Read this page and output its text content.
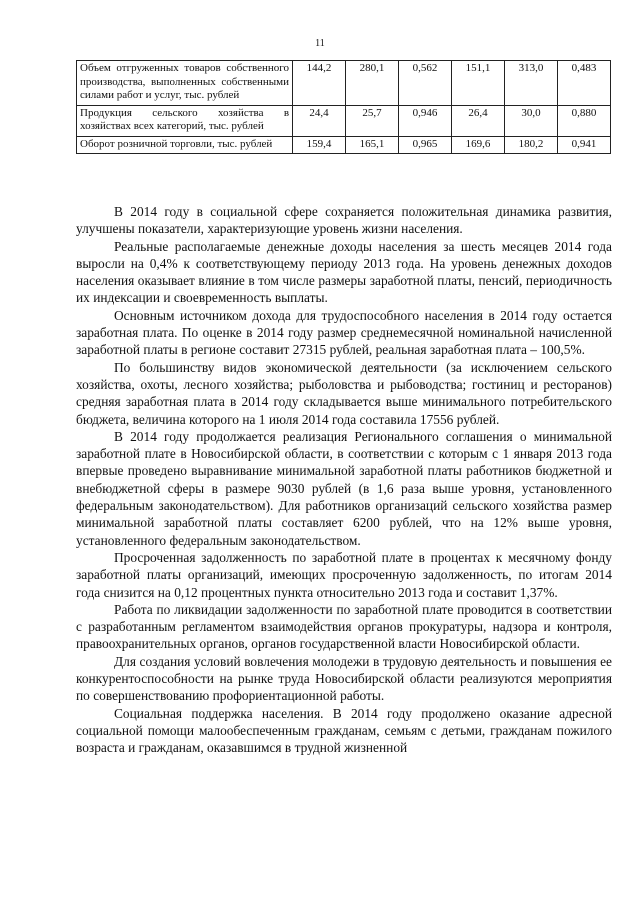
11
Объем отгруженных товаров собственного производства, выполненных собственными силами работ и услуг, тыс. рублей	144,2	280,1	0,562	151,1	313,0	0,483
Продукция сельского хозяйства в хозяйствах всех категорий, тыс. рублей	24,4	25,7	0,946	26,4	30,0	0,880
Оборот розничной торговли, тыс. рублей	159,4	165,1	0,965	169,6	180,2	0,941

В 2014 году в социальной сфере сохраняется положительная динамика развития, улучшены показатели, характеризующие уровень жизни населения.

Реальные располагаемые денежные доходы населения за шесть месяцев 2014 года выросли на 0,4% к соответствующему периоду 2013 года. На уровень денежных доходов населения оказывает влияние в том числе размеры заработной платы, пенсий, периодичность их индексации и своевременность выплаты.

Основным источником дохода для трудоспособного населения в 2014 году остается заработная плата. По оценке в 2014 году размер среднемесячной номинальной начисленной заработной платы в регионе составит 27315 рублей, реальная заработная плата – 100,5%.

По большинству видов экономической деятельности (за исключением сельского хозяйства, охоты, лесного хозяйства; рыболовства и рыбоводства; гостиниц и ресторанов) средняя заработная плата в 2014 году складывается выше минимального потребительского бюджета, величина которого на 1 июля 2014 года составила 17556 рублей.

В 2014 году продолжается реализация Регионального соглашения о минимальной заработной плате в Новосибирской области, в соответствии с которым с 1 января 2013 года впервые проведено выравнивание минимальной заработной платы работников бюджетной и внебюджетной сферы в размере 9030 рублей (в 1,6 раза выше уровня, установленного федеральным законодательством). Для работников организаций сельского хозяйства размер минимальной заработной платы составляет 6200 рублей, что на 12% выше уровня, установленного федеральным законодательством.

Просроченная задолженность по заработной плате в процентах к месячному фонду заработной платы организаций, имеющих просроченную задолженность, по итогам 2014 года снизится на 0,12 процентных пункта относительно 2013 года и составит 1,37%.

Работа по ликвидации задолженности по заработной плате проводится в соответствии с разработанным регламентом взаимодействия органов прокуратуры, надзора и контроля, правоохранительных органов, органов государственной власти Новосибирской области.

Для создания условий вовлечения молодежи в трудовую деятельность и повышения ее конкурентоспособности на рынке труда Новосибирской области реализуются мероприятия по совершенствованию профориентационной работы.

Социальная поддержка населения. В 2014 году продолжено оказание адресной социальной помощи малообеспеченным гражданам, семьям с детьми, гражданам пожилого возраста и гражданам, оказавшимся в трудной жизненной
